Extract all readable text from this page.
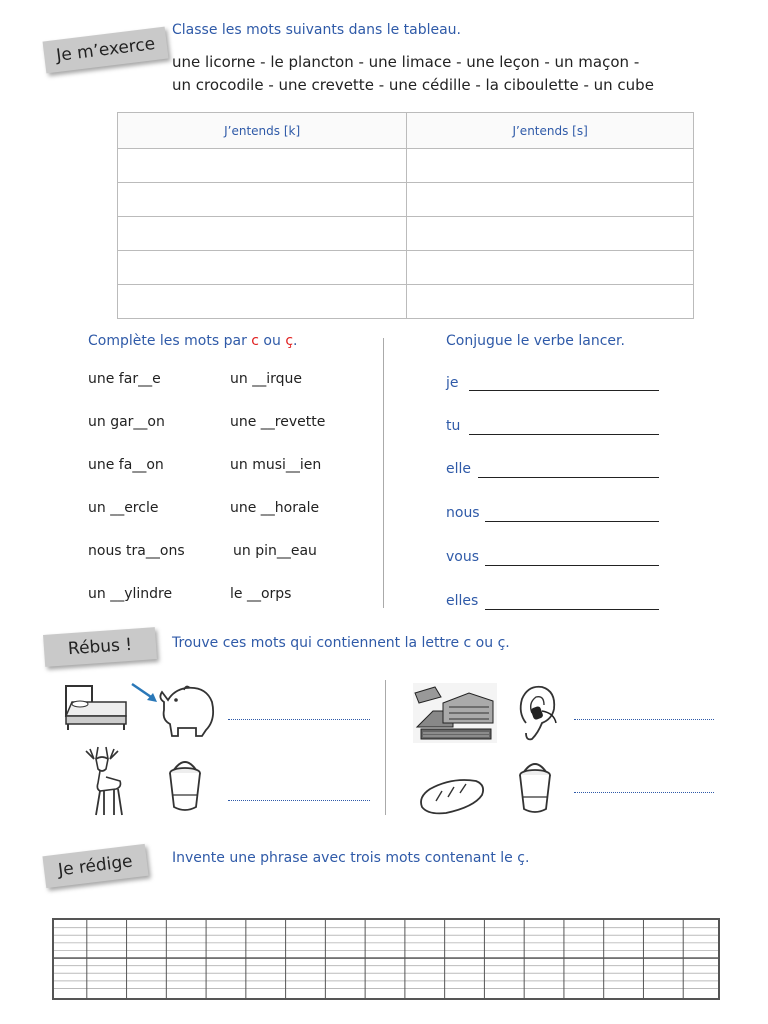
Je m’exerce
Classe les mots suivants dans le tableau.
une licorne - le plancton - une limace - une leçon - un maçon -
un crocodile - une crevette - une cédille - la ciboulette - un cube
J’entends [k]	J’entends [s]

Complète les mots par c ou ç.
une far__e
un gar__on
une fa__on
un __ercle
nous tra__ons
un __ylindre
un __irque
une __revette
un musi__ien
une __horale
un pin__eau
le __orps
Conjugue le verbe lancer.
je
tu
elle
nous
vous
elles
Rébus !	Trouve ces mots qui contiennent la lettre c ou ç.
Je rédige	Invente une phrase avec trois mots contenant le ç.
